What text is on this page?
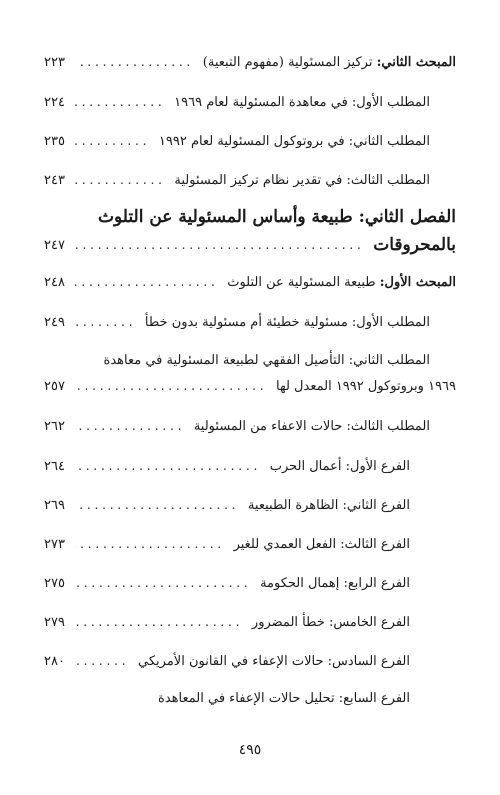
المبحث الثاني: تركيز المسئولية (مفهوم التبعية)
.....
٢٢٣
المطلب الأول: في معاهدة المسئولية لعام ١٩٦٩
.....
٢٢٤
المطلب الثاني: في بروتوكول المسئولية لعام ١٩٩٢
.....
٢٣٥
المطلب الثالث: في تقدير نظام تركيز المسئولية
.....
٢٤٣
الفصل الثاني: طبيعة وأساس المسئولية عن التلوث
بالمحروقات
.....
٢٤٧
المبحث الأول: طبيعة المسئولية عن التلوث
.....
٢٤٨
المطلب الأول: مسئولية خطيئة أم مسئولية بدون خطأ
.....
٢٤٩
المطلب الثاني: التأصيل الفقهي لطبيعة المسئولية في معاهدة
١٩٦٩ وبروتوكول ١٩٩٢ المعدل لها
.....
٢٥٧
المطلب الثالث: حالات الاعفاء من المسئولية
.....
٢٦٢
الفرع الأول: أعمال الحرب
.....
٢٦٤
الفرع الثاني: الظاهرة الطبيعية
.....
٢٦٩
الفرع الثالث: الفعل العمدي للغير
.....
٢٧٣
الفرع الرابع: إهمال الحكومة
.....
٢٧٥
الفرع الخامس: خطأ المضرور
.....
٢٧٩
الفرع السادس: حالات الإعفاء في القانون الأمريكي
.....
٢٨٠
الفرع السابع: تحليل حالات الإعفاء في المعاهدة
٤٩٥
